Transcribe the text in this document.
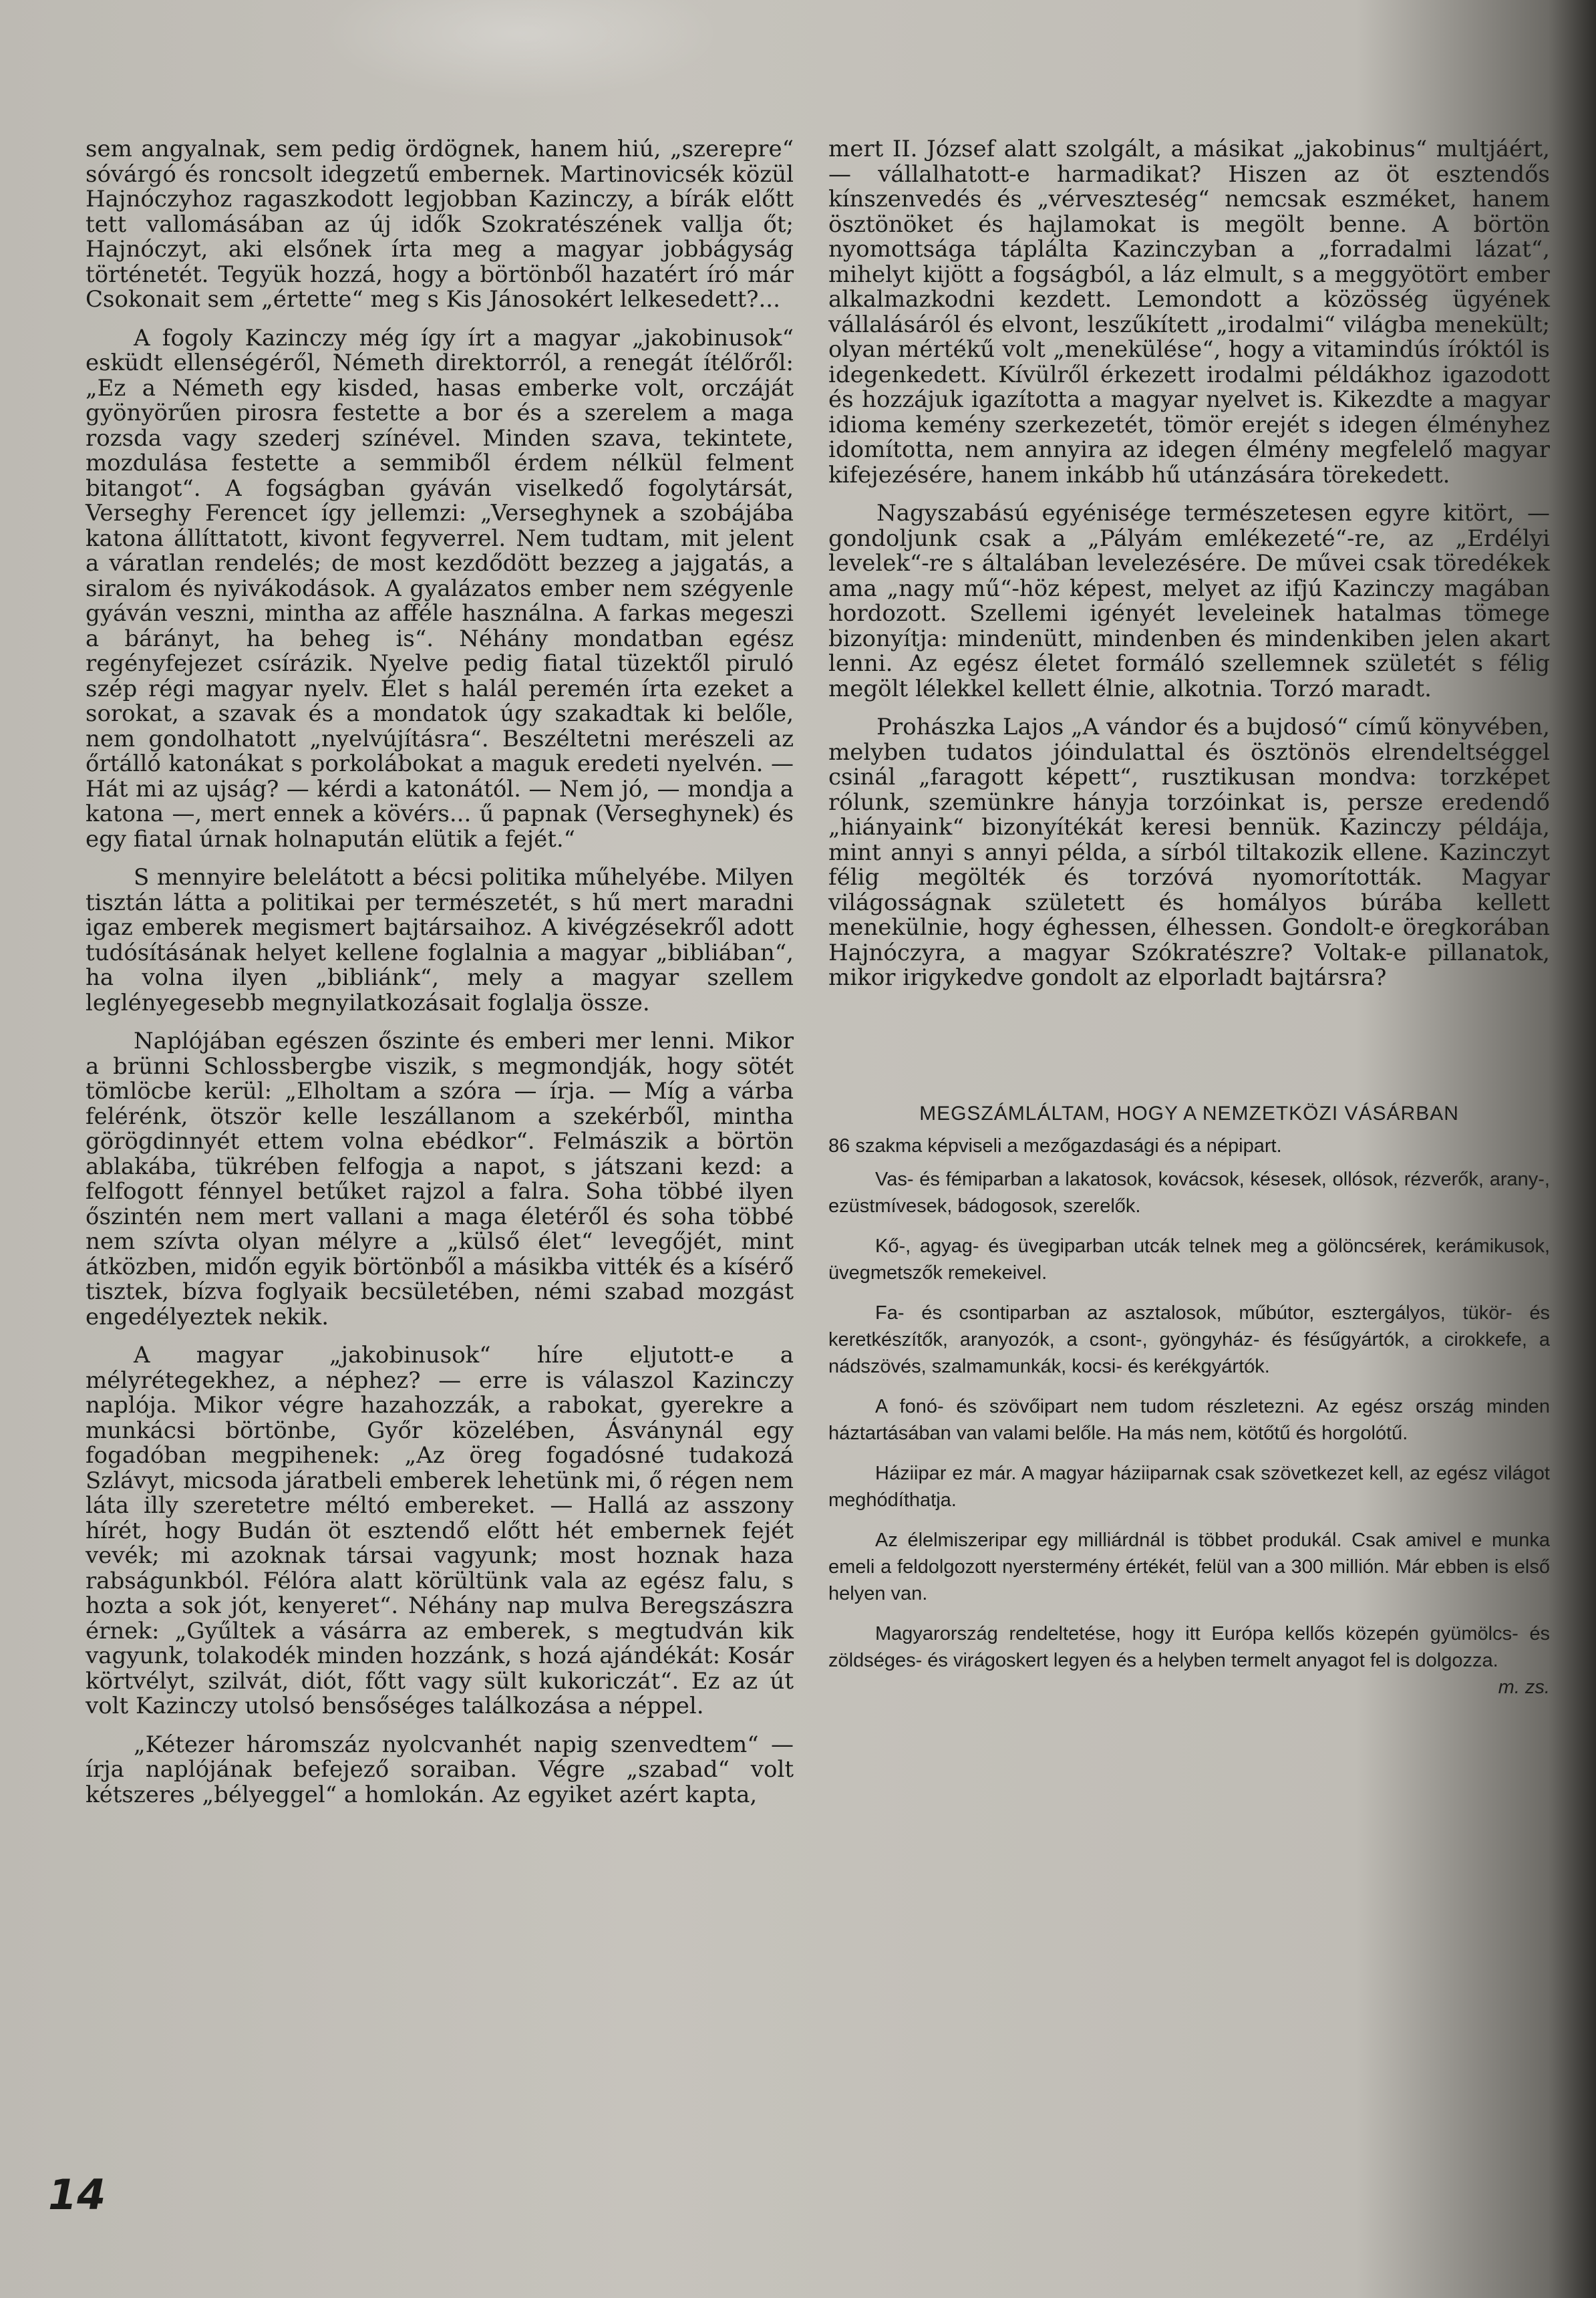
sem angyalnak, sem pedig ördögnek, hanem hiú, „szerepre“ sóvárgó és roncsolt idegzetű embernek. Martinovicsék közül Hajnóczyhoz ragaszkodott legjobban Kazinczy, a bírák előtt tett vallomásában az új idők Szokratészének vallja őt; Hajnóczyt, aki elsőnek írta meg a magyar jobbágyság történetét. Tegyük hozzá, hogy a börtönből hazatért író már Csokonait sem „értette“ meg s Kis Jánosokért lelkesedett?...

A fogoly Kazinczy még így írt a magyar „jakobinusok“ esküdt ellenségéről, Németh direktorról, a renegát ítélőről: „Ez a Németh egy kisded, hasas emberke volt, orczáját gyönyörűen pirosra festette a bor és a szerelem a maga rozsda vagy szederj színével. Minden szava, tekintete, mozdulása festette a semmiből érdem nélkül felment bitangot“. A fogságban gyáván viselkedő fogolytársát, Verseghy Ferencet így jellemzi: „Verseghynek a szobájába katona állíttatott, kivont fegyverrel. Nem tudtam, mit jelent a váratlan rendelés; de most kezdődött bezzeg a jajgatás, a siralom és nyivákodások. A gyalázatos ember nem szégyenle gyáván veszni, mintha az afféle használna. A farkas megeszi a bárányt, ha beheg is“. Néhány mondatban egész regényfejezet csírázik. Nyelve pedig fiatal tüzektől piruló szép régi magyar nyelv. Élet s halál peremén írta ezeket a sorokat, a szavak és a mondatok úgy szakadtak ki belőle, nem gondolhatott „nyelvújításra“. Beszéltetni merészeli az őrtálló katonákat s porkolábokat a maguk eredeti nyelvén. — Hát mi az ujság? — kérdi a katonától. — Nem jó, — mondja a katona —, mert ennek a kövérs... ű papnak (Verseghynek) és egy fiatal úrnak holnapután elütik a fejét.“

S mennyire belelátott a bécsi politika műhelyébe. Milyen tisztán látta a politikai per természetét, s hű mert maradni igaz emberek megismert bajtársaihoz. A kivégzésekről adott tudósításának helyet kellene foglalnia a magyar „bibliában“, ha volna ilyen „bibliánk“, mely a magyar szellem leglényegesebb megnyilatkozásait foglalja össze.

Naplójában egészen őszinte és emberi mer lenni. Mikor a brünni Schlossbergbe viszik, s megmondják, hogy sötét tömlöcbe kerül: „Elholtam a szóra — írja. — Míg a várba felérénk, ötször kelle leszállanom a szekérből, mintha görögdinnyét ettem volna ebédkor“. Felmászik a börtön ablakába, tükrében felfogja a napot, s játszani kezd: a felfogott fénnyel betűket rajzol a falra. Soha többé ilyen őszintén nem mert vallani a maga életéről és soha többé nem szívta olyan mélyre a „külső élet“ levegőjét, mint átközben, midőn egyik börtönből a másikba vitték és a kísérő tisztek, bízva foglyaik becsületében, némi szabad mozgást engedélyeztek nekik.

A magyar „jakobinusok“ híre eljutott-e a mélyrétegekhez, a néphez? — erre is válaszol Kazinczy naplója. Mikor végre hazahozzák, a rabokat, gyerekre a munkácsi börtönbe, Győr közelében, Ásványnál egy fogadóban megpihenek: „Az öreg fogadósné tudakozá Szlávyt, micsoda járatbeli emberek lehetünk mi, ő régen nem láta illy szeretetre méltó embereket. — Hallá az asszony hírét, hogy Budán öt esztendő előtt hét embernek fejét vevék; mi azoknak társai vagyunk; most hoznak haza rabságunkból. Félóra alatt körültünk vala az egész falu, s hozta a sok jót, kenyeret“. Néhány nap mulva Beregszászra érnek: „Gyűltek a vásárra az emberek, s megtudván kik vagyunk, tolakodék minden hozzánk, s hozá ajándékát: Kosár körtvélyt, szilvát, diót, főtt vagy sült kukoriczát“. Ez az út volt Kazinczy utolsó bensőséges találkozása a néppel.

„Kétezer háromszáz nyolcvanhét napig szenvedtem“ — írja naplójának befejező soraiban. Végre „szabad“ volt kétszeres „bélyeggel“ a homlokán. Az egyiket azért kapta,

mert II. József alatt szolgált, a másikat „jakobinus“ multjáért, — vállalhatott-e harmadikat? Hiszen az öt esztendős kínszenvedés és „vérveszteség“ nemcsak eszméket, hanem ösztönöket és hajlamokat is megölt benne. A börtön nyomottsága táplálta Kazinczyban a „forradalmi lázat“, mihelyt kijött a fogságból, a láz elmult, s a meggyötört ember alkalmazkodni kezdett. Lemondott a közösség ügyének vállalásáról és elvont, leszűkített „irodalmi“ világba menekült; olyan mértékű volt „menekülése“, hogy a vitamindús íróktól is idegenkedett. Kívülről érkezett irodalmi példákhoz igazodott és hozzájuk igazította a magyar nyelvet is. Kikezdte a magyar idioma kemény szerkezetét, tömör erejét s idegen élményhez idomította, nem annyira az idegen élmény megfelelő magyar kifejezésére, hanem inkább hű utánzására törekedett.

Nagyszabású egyénisége természetesen egyre kitört, — gondoljunk csak a „Pályám emlékezeté“-re, az „Erdélyi levelek“-re s általában levelezésére. De művei csak töredékek ama „nagy mű“-höz képest, melyet az ifjú Kazinczy magában hordozott. Szellemi igényét leveleinek hatalmas tömege bizonyítja: mindenütt, mindenben és mindenkiben jelen akart lenni. Az egész életet formáló szellemnek születét s félig megölt lélekkel kellett élnie, alkotnia. Torzó maradt.

Prohászka Lajos „A vándor és a bujdosó“ című könyvében, melyben tudatos jóindulattal és ösztönös elrendeltséggel csinál „faragott képett“, rusztikusan mondva: torzképet rólunk, szemünkre hányja torzóinkat is, persze eredendő „hiányaink“ bizonyítékát keresi bennük. Kazinczy példája, mint annyi s annyi példa, a sírból tiltakozik ellene. Kazinczyt félig megölték és torzóvá nyomorították. Magyar világosságnak született és homályos búrába kellett menekülnie, hogy éghessen, élhessen. Gondolt-e öregkorában Hajnóczyra, a magyar Szókratészre? Voltak-e pillanatok, mikor irigykedve gondolt az elporladt bajtársra?

MEGSZÁMLÁLTAM, HOGY A NEMZETKÖZI VÁSÁRBAN

86 szakma képviseli a mezőgazdasági és a népipart.

Vas- és fémiparban a lakatosok, kovácsok, késesek, ollósok, rézverők, arany-, ezüstmívesek, bádogosok, szerelők.

Kő-, agyag- és üvegiparban utcák telnek meg a gölöncsérek, kerámikusok, üvegmetszők remekeivel.

Fa- és csontiparban az asztalosok, műbútor, esztergályos, tükör- és keretkészítők, aranyozók, a csont-, gyöngyház- és fésűgyártók, a cirokkefe, a nádszövés, szalmamunkák, kocsi- és kerékgyártók.

A fonó- és szövőipart nem tudom részletezni. Az egész ország minden háztartásában van valami belőle. Ha más nem, kötőtű és horgolótű.

Háziipar ez már. A magyar háziiparnak csak szövetkezet kell, az egész világot meghódíthatja.

Az élelmiszeripar egy milliárdnál is többet produkál. Csak amivel e munka emeli a feldolgozott nyerstermény értékét, felül van a 300 millión. Már ebben is első helyen van.

Magyarország rendeltetése, hogy itt Európa kellős közepén gyümölcs- és zöldséges- és virágoskert legyen és a helyben termelt anyagot fel is dolgozza.
m. zs.

14
